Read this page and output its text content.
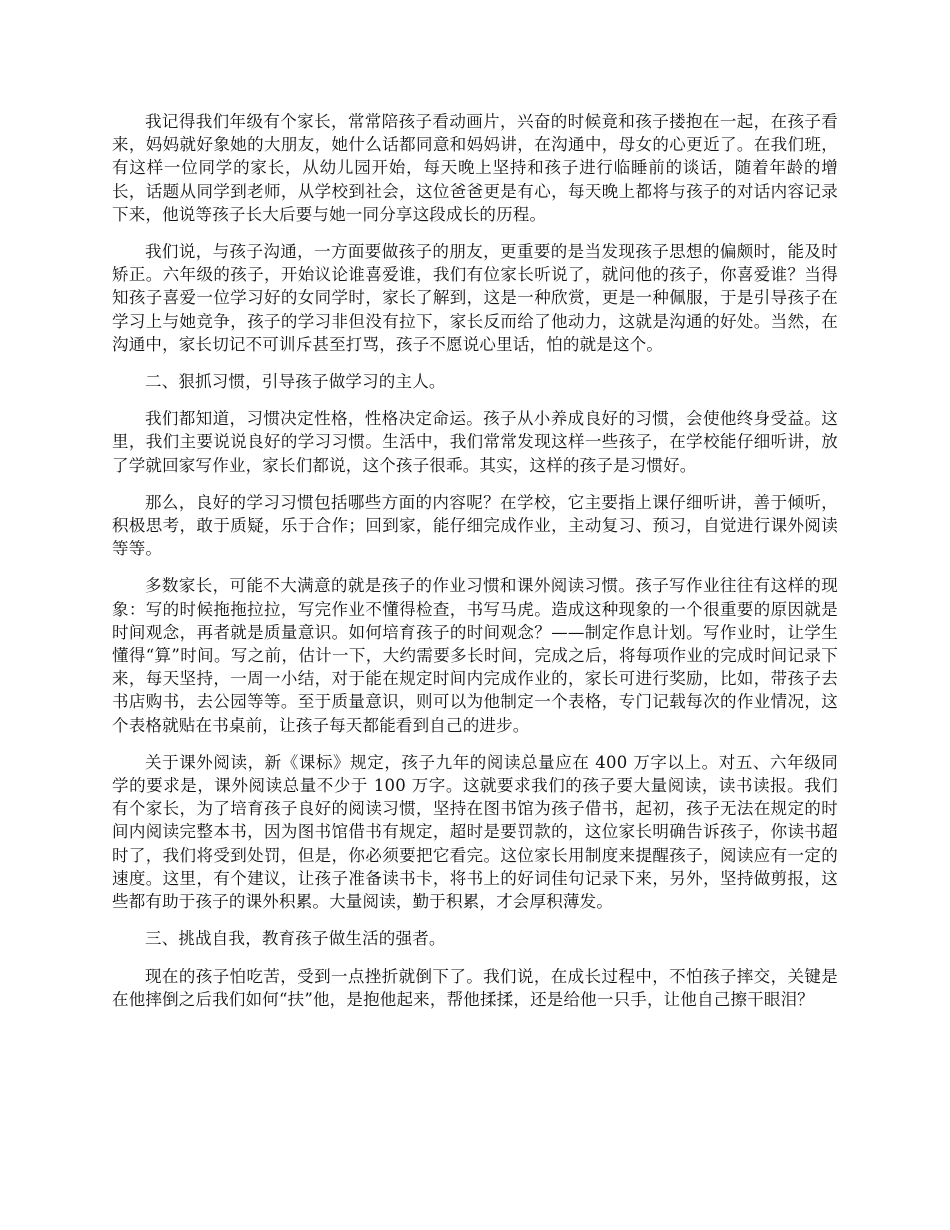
我记得我们年级有个家长，常常陪孩子看动画片，兴奋的时候竟和孩子搂抱在一起，在孩子看来，妈妈就好象她的大朋友，她什么话都同意和妈妈讲，在沟通中，母女的心更近了。在我们班，有这样一位同学的家长，从幼儿园开始，每天晚上坚持和孩子进行临睡前的谈话，随着年龄的增长，话题从同学到老师，从学校到社会，这位爸爸更是有心，每天晚上都将与孩子的对话内容记录下来，他说等孩子长大后要与她一同分享这段成长的历程。

我们说，与孩子沟通，一方面要做孩子的朋友，更重要的是当发现孩子思想的偏颇时，能及时矫正。六年级的孩子，开始议论谁喜爱谁，我们有位家长听说了，就问他的孩子，你喜爱谁？当得知孩子喜爱一位学习好的女同学时，家长了解到，这是一种欣赏，更是一种佩服，于是引导孩子在学习上与她竞争，孩子的学习非但没有拉下，家长反而给了他动力，这就是沟通的好处。当然，在沟通中，家长切记不可训斥甚至打骂，孩子不愿说心里话，怕的就是这个。

二、狠抓习惯，引导孩子做学习的主人。

我们都知道，习惯决定性格，性格决定命运。孩子从小养成良好的习惯，会使他终身受益。这里，我们主要说说良好的学习习惯。生活中，我们常常发现这样一些孩子，在学校能仔细听讲，放了学就回家写作业，家长们都说，这个孩子很乖。其实，这样的孩子是习惯好。

那么，良好的学习习惯包括哪些方面的内容呢？在学校，它主要指上课仔细听讲，善于倾听，积极思考，敢于质疑，乐于合作；回到家，能仔细完成作业，主动复习、预习，自觉进行课外阅读等等。

多数家长，可能不大满意的就是孩子的作业习惯和课外阅读习惯。孩子写作业往往有这样的现象：写的时候拖拖拉拉，写完作业不懂得检查，书写马虎。造成这种现象的一个很重要的原因就是时间观念，再者就是质量意识。如何培育孩子的时间观念？——制定作息计划。写作业时，让学生懂得“算”时间。写之前，估计一下，大约需要多长时间，完成之后，将每项作业的完成时间记录下来，每天坚持，一周一小结，对于能在规定时间内完成作业的，家长可进行奖励，比如，带孩子去书店购书，去公园等等。至于质量意识，则可以为他制定一个表格，专门记载每次的作业情况，这个表格就贴在书桌前，让孩子每天都能看到自己的进步。

关于课外阅读，新《课标》规定，孩子九年的阅读总量应在 400 万字以上。对五、六年级同学的要求是，课外阅读总量不少于 100 万字。这就要求我们的孩子要大量阅读，读书读报。我们有个家长，为了培育孩子良好的阅读习惯，坚持在图书馆为孩子借书，起初，孩子无法在规定的时间内阅读完整本书，因为图书馆借书有规定，超时是要罚款的，这位家长明确告诉孩子，你读书超时了，我们将受到处罚，但是，你必须要把它看完。这位家长用制度来提醒孩子，阅读应有一定的速度。这里，有个建议，让孩子准备读书卡，将书上的好词佳句记录下来，另外，坚持做剪报，这些都有助于孩子的课外积累。大量阅读，勤于积累，才会厚积薄发。

三、挑战自我，教育孩子做生活的强者。

现在的孩子怕吃苦，受到一点挫折就倒下了。我们说，在成长过程中，不怕孩子摔交，关键是在他摔倒之后我们如何“扶”他，是抱他起来，帮他揉揉，还是给他一只手，让他自己擦干眼泪？
